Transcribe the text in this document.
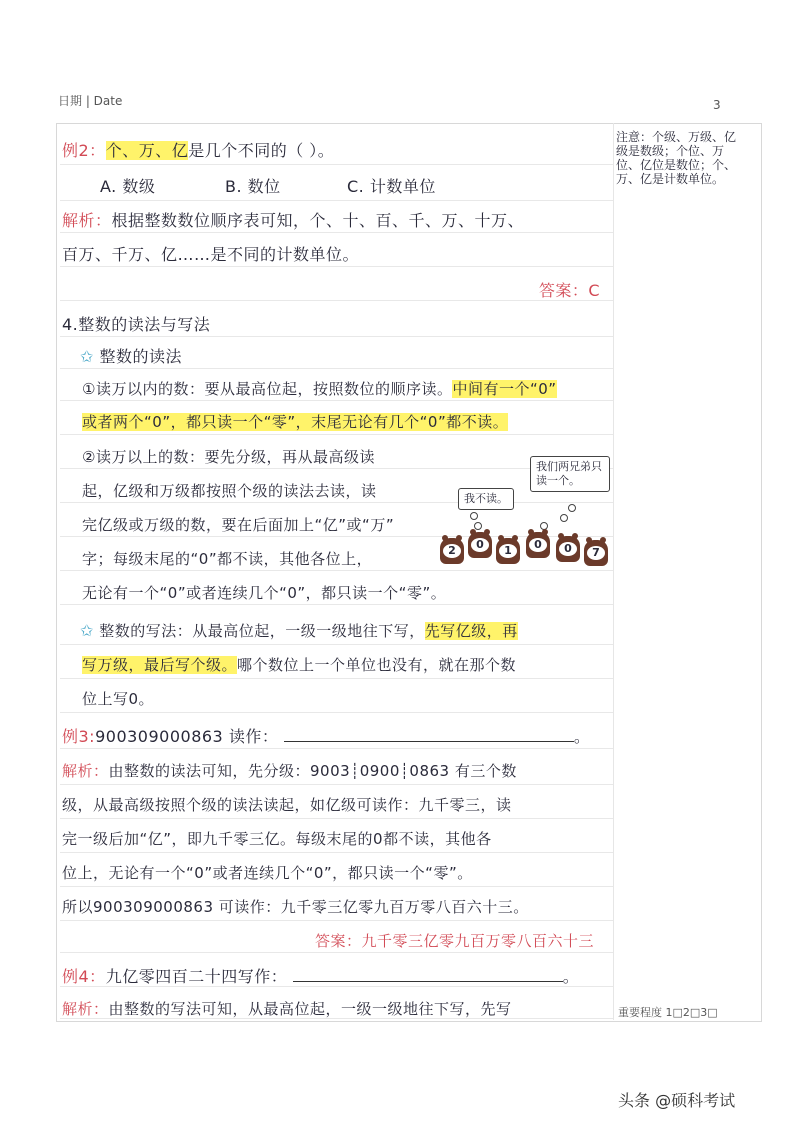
日期 | Date	3
注意：个级、万级、亿级是数级；个位、万位、亿位是数位；个、万、亿是计数单位。
重要程度 1□2□3□
例2：个、万、亿是几个不同的（ ）。
A. 数级	B. 数位	C. 计数单位
解析：根据整数数位顺序表可知，个、十、百、千、万、十万、
百万、千万、亿……是不同的计数单位。
答案：C
4.整数的读法与写法
✩ 整数的读法
①读万以内的数：要从最高位起，按照数位的顺序读。中间有一个“0”
或者两个“0”，都只读一个“零”，末尾无论有几个“0”都不读。
②读万以上的数：要先分级，再从最高级读
起，亿级和万级都按照个级的读法去读，读
完亿级或万级的数，要在后面加上“亿”或“万”
字；每级末尾的“0”都不读，其他各位上，
无论有一个“0”或者连续几个“0”，都只读一个“零”。
我不读。
我们两兄弟只读一个。
2	0	1	0	0	7
✩ 整数的写法：从最高位起，一级一级地往下写，先写亿级，再
写万级，最后写个级。哪个数位上一个单位也没有，就在那个数
位上写0。
例3:900309000863 读作：	。
解析：由整数的读法可知，先分级：9003┊0900┊0863 有三个数
级，从最高级按照个级的读法读起，如亿级可读作：九千零三，读
完一级后加“亿”，即九千零三亿。每级末尾的0都不读，其他各
位上，无论有一个“0”或者连续几个“0”，都只读一个“零”。
所以900309000863 可读作：九千零三亿零九百万零八百六十三。
答案：九千零三亿零九百万零八百六十三
例4：九亿零四百二十四写作：	。
解析：由整数的写法可知，从最高位起，一级一级地往下写，先写
头条 @硕科考试
